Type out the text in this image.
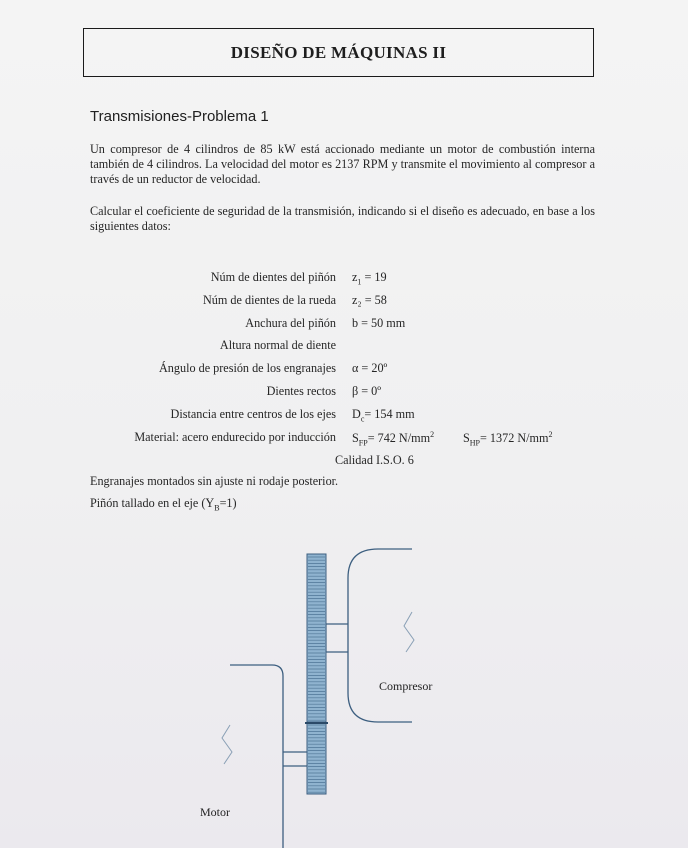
DISEÑO DE MÁQUINAS II
Transmisiones-Problema 1
Un compresor de 4 cilindros de 85 kW está accionado mediante un motor de combustión interna también de 4 cilindros. La velocidad del motor es 2137 RPM y transmite el movimiento al compresor a través de un reductor de velocidad.
Calcular el coeficiente de seguridad de la transmisión, indicando si el diseño es adecuado, en base a los siguientes datos:
Núm de dientes del piñón $z_1 = 19$
Núm de dientes de la rueda z₂ = 58
Anchura del piñón b = 50 mm
Altura normal de diente
Ángulo de presión de los engranajes α = 20º
Dientes rectos β = 0º
Distancia entre centros de los ejes $D_c= 154$ mm
Material: acero endurecido por inducción $S_{FP}= 742$ $N/mm^2$ $S_{HP}= 1372$ $N/mm^2$
Calidad I.S.O. 6
Engranajes montados sin ajuste ni rodaje posterior.
Piñón tallado en el eje $(Y_B=1)$
Compresor
Motor
